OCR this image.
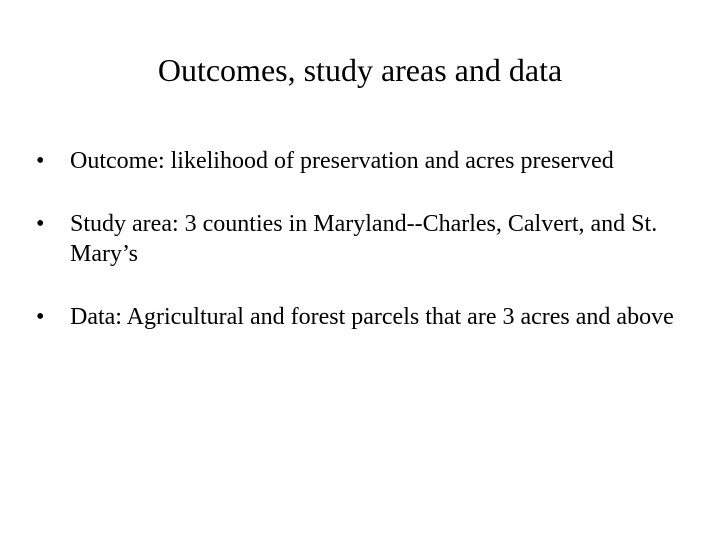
Outcomes, study areas and data
• Outcome: likelihood of preservation and acres preserved
• Study area: 3 counties in Maryland--Charles, Calvert, and St. Mary’s
• Data: Agricultural and forest parcels that are 3 acres and above
